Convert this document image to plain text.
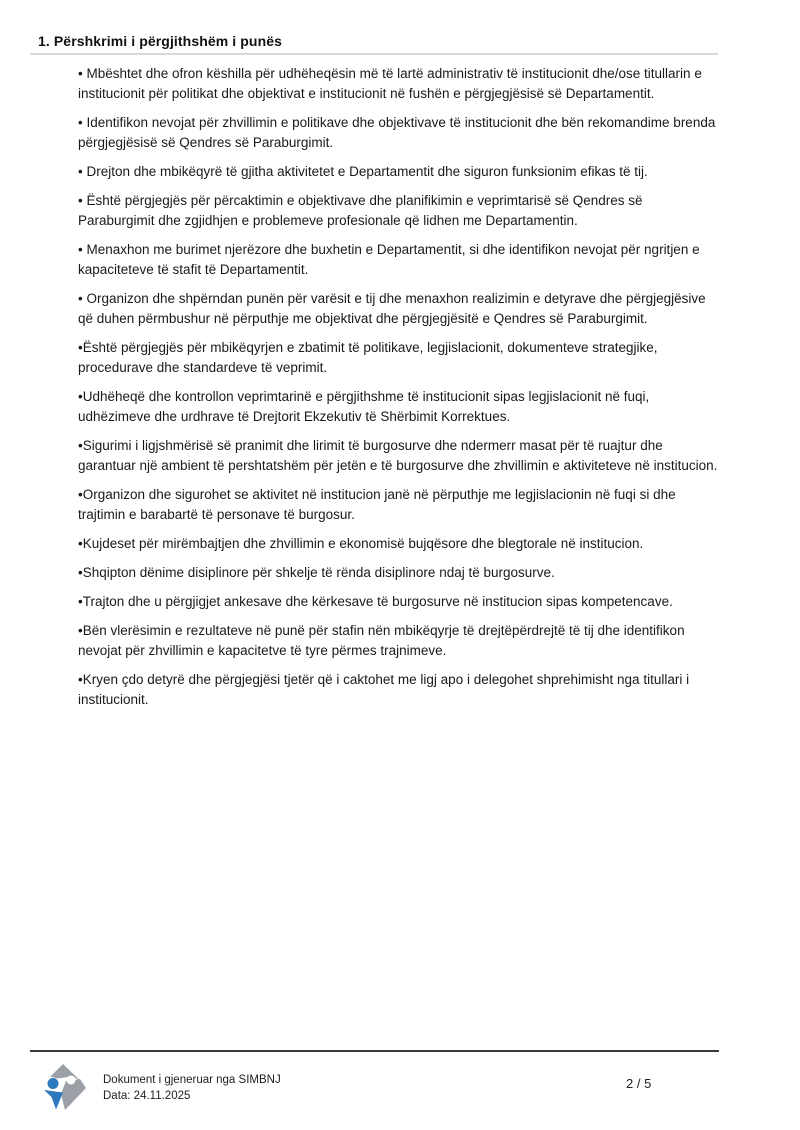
1. Përshkrimi i përgjithshëm i punës

• Mbështet dhe ofron këshilla për udhëheqësin më të lartë administrativ të institucionit dhe/ose titullarin e institucionit për politikat dhe objektivat e institucionit në fushën e përgjegjësisë së Departamentit.

• Identifikon nevojat për zhvillimin e politikave dhe objektivave të institucionit dhe bën rekomandime brenda përgjegjësisë së Qendres së Paraburgimit.

• Drejton dhe mbikëqyrë të gjitha aktivitetet e Departamentit dhe siguron funksionim efikas të tij.

• Është përgjegjës për përcaktimin e objektivave dhe planifikimin e veprimtarisë së Qendres së Paraburgimit dhe zgjidhjen e problemeve profesionale që lidhen me Departamentin.

• Menaxhon me burimet njerëzore dhe buxhetin e Departamentit, si dhe identifikon nevojat për ngritjen e kapaciteteve të stafit të Departamentit.

• Organizon dhe shpërndan punën për varësit e tij dhe menaxhon realizimin e detyrave dhe përgjegjësive që duhen përmbushur në përputhje me objektivat dhe përgjegjësitë e Qendres së Paraburgimit.

•Është përgjegjës për mbikëqyrjen e zbatimit të politikave, legjislacionit, dokumenteve strategjike, procedurave dhe standardeve të veprimit.

•Udhëheqë dhe kontrollon veprimtarinë e përgjithshme të institucionit sipas legjislacionit në fuqi, udhëzimeve dhe urdhrave të Drejtorit Ekzekutiv të Shërbimit Korrektues.

•Sigurimi i ligjshmërisë së pranimit dhe lirimit të burgosurve dhe ndermerr masat për të ruajtur dhe garantuar një ambient të pershtatshëm për jetën e të burgosurve dhe zhvillimin e aktiviteteve në institucion.

•Organizon dhe sigurohet se aktivitet në institucion janë në përputhje me legjislacionin në fuqi si dhe trajtimin e barabartë të personave të burgosur.

•Kujdeset për mirëmbajtjen dhe zhvillimin e ekonomisë bujqësore dhe blegtorale në institucion.

•Shqipton dënime disiplinore për shkelje të rënda disiplinore ndaj të burgosurve.

•Trajton dhe u përgjigjet ankesave dhe kërkesave të burgosurve në institucion sipas kompetencave.

•Bën vlerësimin e rezultateve në punë për stafin nën mbikëqyrje të drejtëpërdrejtë të tij dhe identifikon nevojat për zhvillimin e kapacitetve të tyre përmes trajnimeve.

•Kryen çdo detyrë dhe përgjegjësi tjetër që i caktohet me ligj apo i delegohet shprehimisht nga titullari i institucionit.

Dokument i gjeneruar nga SIMBNJ
Data: 24.11.2025
2 / 5
